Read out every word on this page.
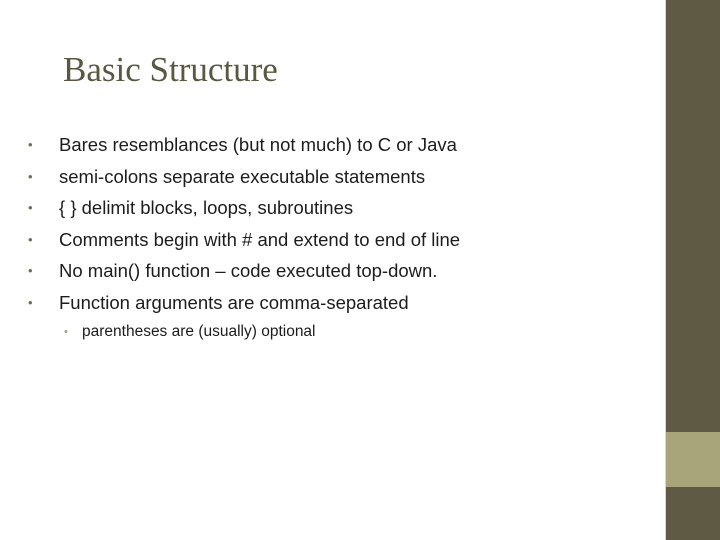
Basic Structure
• Bares resemblances (but not much) to C or Java
• semi-colons separate executable statements
• { } delimit blocks, loops, subroutines
• Comments begin with # and extend to end of line
• No main() function – code executed top-down.
• Function arguments are comma-separated
• parentheses are (usually) optional
